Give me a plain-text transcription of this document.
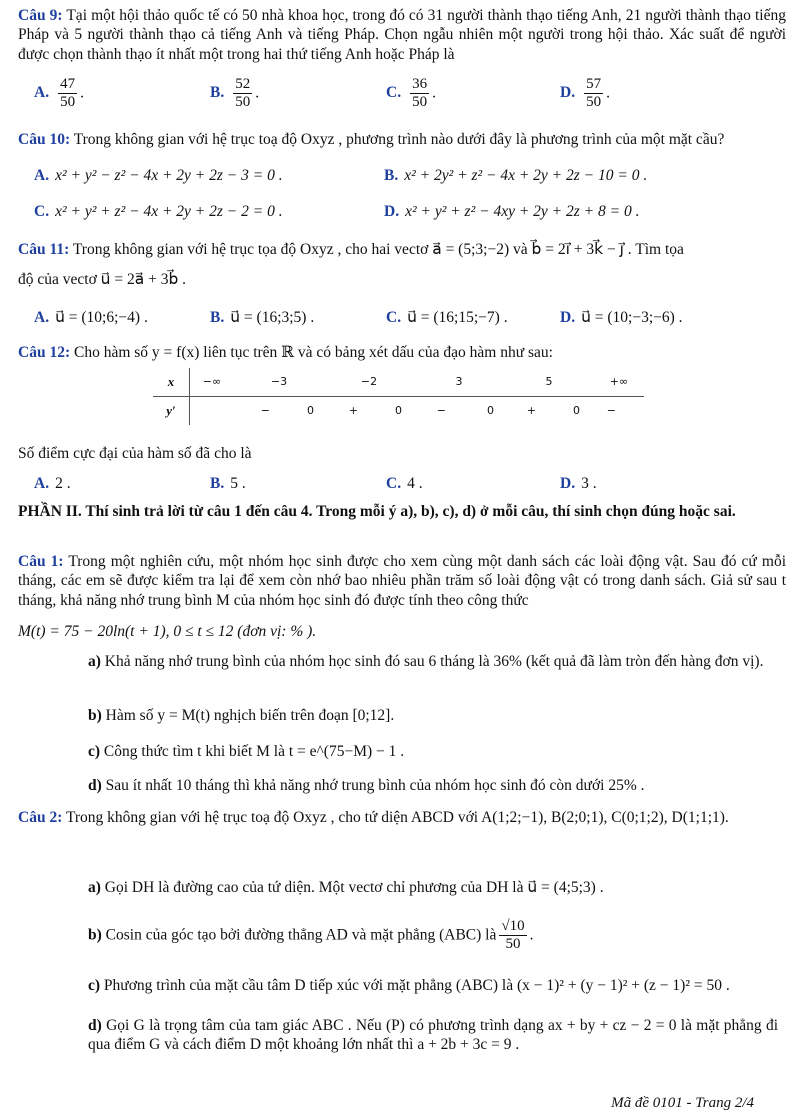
Câu 9: Tại một hội thảo quốc tế có 50 nhà khoa học, trong đó có 31 người thành thạo tiếng Anh, 21 người thành thạo tiếng Pháp và 5 người thành thạo cả tiếng Anh và tiếng Pháp. Chọn ngẫu nhiên một người trong hội thảo. Xác suất để người được chọn thành thạo ít nhất một trong hai thứ tiếng Anh hoặc Pháp là
A. $\frac{47}{50}$ .	B. $\frac{52}{50}$ .	C. $\frac{36}{50}$ .	D. $\frac{57}{50}$ .
Câu 10: Trong không gian với hệ trục toạ độ Oxyz , phương trình nào dưới đây là phương trình của một mặt cầu?
A. x² + y² − z² − 4x + 2y + 2z − 3 = 0 .	B. x² + 2y² + z² − 4x + 2y + 2z − 10 = 0 .
C. x² + y² + z² − 4x + 2y + 2z − 2 = 0 .	D. x² + y² + z² − 4xy + 2y + 2z + 8 = 0 .
Câu 11: Trong không gian với hệ trục tọa độ Oxyz , cho hai vectơ a⃗ = (5;3;−2) và b⃗ = 2i⃗ + 3k⃗ − j⃗ . Tìm tọa
độ của vectơ u⃗ = 2a⃗ + 3b⃗ .
A. u⃗ = (10;6;−4) .	B. u⃗ = (16;3;5) .	C. u⃗ = (16;15;−7) .	D. u⃗ = (10;−3;−6) .
Câu 12: Cho hàm số y = f(x) liên tục trên ℝ và có bảng xét dấu của đạo hàm như sau:
x	−∞	−3	−2	3	5	+∞
y′	− 0 + 0 − 0 + 0 −					
Số điểm cực đại của hàm số đã cho là
A. 2 .	B. 5 .	C. 4 .	D. 3 .
PHẦN II. Thí sinh trả lời từ câu 1 đến câu 4. Trong mỗi ý a), b), c), d) ở mỗi câu, thí sinh chọn đúng hoặc sai.
Câu 1: Trong một nghiên cứu, một nhóm học sinh được cho xem cùng một danh sách các loài động vật. Sau đó cứ mỗi tháng, các em sẽ được kiểm tra lại để xem còn nhớ bao nhiêu phần trăm số loài động vật có trong danh sách. Giả sử sau t tháng, khả năng nhớ trung bình M của nhóm học sinh đó được tính theo công thức
M(t) = 75 − 20ln(t + 1), 0 ≤ t ≤ 12 (đơn vị: % ).
a) Khả năng nhớ trung bình của nhóm học sinh đó sau 6 tháng là 36% (kết quả đã làm tròn đến hàng đơn vị).
b) Hàm số y = M(t) nghịch biến trên đoạn [0;12].
c) Công thức tìm t khi biết M là t = e^(75−M) − 1 .
d) Sau ít nhất 10 tháng thì khả năng nhớ trung bình của nhóm học sinh đó còn dưới 25% .
Câu 2: Trong không gian với hệ trục toạ độ Oxyz , cho tứ diện ABCD với A(1;2;−1), B(2;0;1), C(0;1;2), D(1;1;1).
a) Gọi DH là đường cao của tứ diện. Một vectơ chỉ phương của DH là u⃗ = (4;5;3) .
b) Cosin của góc tạo bởi đường thẳng AD và mặt phẳng (ABC) là $\frac{√10}{50}$ .
c) Phương trình của mặt cầu tâm D tiếp xúc với mặt phẳng (ABC) là (x − 1)² + (y − 1)² + (z − 1)² = 50 .
d) Gọi G là trọng tâm của tam giác ABC . Nếu (P) có phương trình dạng ax + by + cz − 2 = 0 là mặt phẳng đi qua điểm G và cách điểm D một khoảng lớn nhất thì a + 2b + 3c = 9 .
Mã đề 0101 - Trang 2/4
